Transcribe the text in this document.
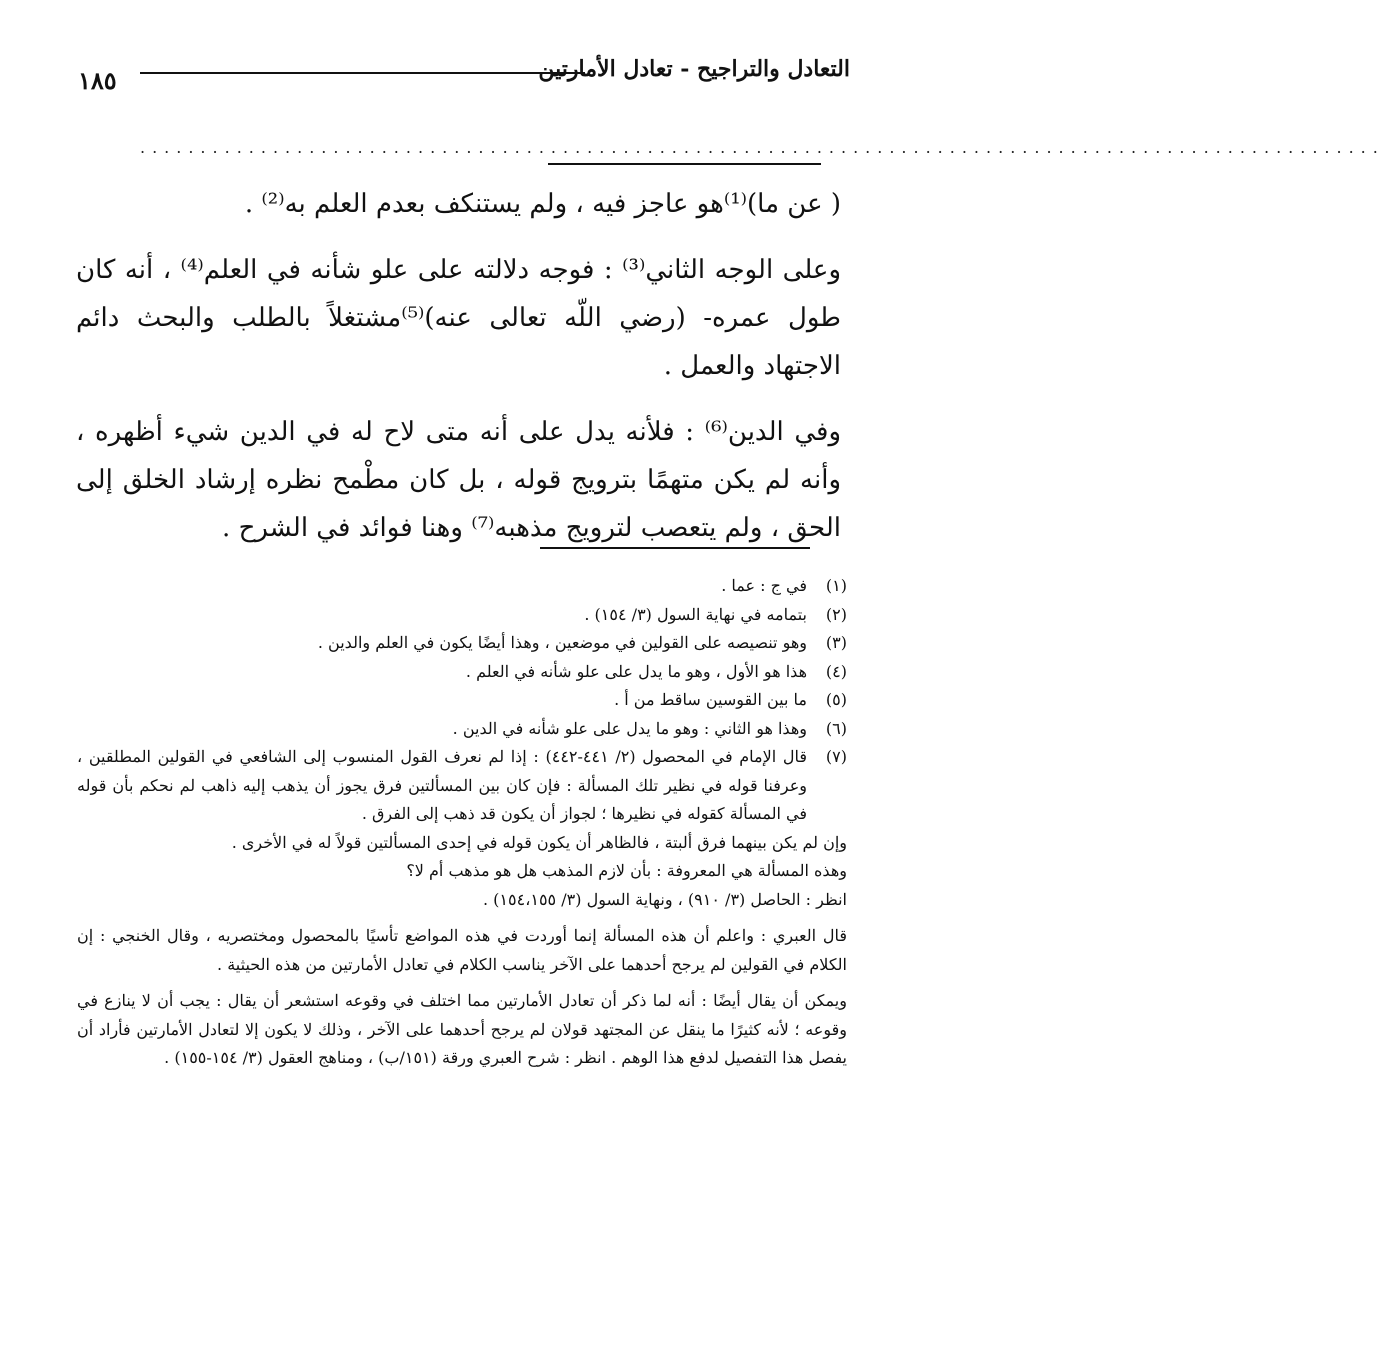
التعادل والتراجيح - تعادل الأمارتين
١٨٥
.......................................................................................................

( عن ما)⁽¹⁾هو عاجز فيه ، ولم يستنكف بعدم العلم به⁽²⁾ .

وعلى الوجه الثاني⁽³⁾ : فوجه دلالته على علو شأنه في العلم⁽⁴⁾ ، أنه كان طول عمره- (رضي اللّه تعالى عنه)⁽⁵⁾مشتغلاً بالطلب والبحث دائم الاجتهاد والعمل .

وفي الدين⁽⁶⁾ : فلأنه يدل على أنه متى لاح له في الدين شيء أظهره ، وأنه لم يكن متهمًا بترويج قوله ، بل كان مطْمح نظره إرشاد الخلق إلى الحق ، ولم يتعصب لترويج مذهبه⁽⁷⁾ وهنا فوائد في الشرح .

(١)
في ج : عما .
(٢)
بتمامه في نهاية السول (٣/ ١٥٤) .
(٣)
وهو تنصيصه على القولين في موضعين ، وهذا أيضًا يكون في العلم والدين .
(٤)
هذا هو الأول ، وهو ما يدل على علو شأنه في العلم .
(٥)
ما بين القوسين ساقط من أ .
(٦)
وهذا هو الثاني : وهو ما يدل على علو شأنه في الدين .
(٧)
قال الإمام في المحصول (٢/ ٤٤١-٤٤٢) : إذا لم نعرف القول المنسوب إلى الشافعي في القولين المطلقين ، وعرفنا قوله في نظير تلك المسألة : فإن كان بين المسألتين فرق يجوز أن يذهب إليه ذاهب لم نحكم بأن قوله في المسألة كقوله في نظيرها ؛ لجواز أن يكون قد ذهب إلى الفرق .

وإن لم يكن بينهما فرق ألبتة ، فالظاهر أن يكون قوله في إحدى المسألتين قولاً له في الأخرى .

وهذه المسألة هي المعروفة : بأن لازم المذهب هل هو مذهب أم لا؟

انظر : الحاصل (٣/ ٩١٠) ، ونهاية السول (٣/ ١٥٤،١٥٥) .

قال العبري : واعلم أن هذه المسألة إنما أوردت في هذه المواضع تأسيًا بالمحصول ومختصريه ، وقال الخنجي : إن الكلام في القولين لم يرجح أحدهما على الآخر يناسب الكلام في تعادل الأمارتين من هذه الحيثية .

ويمكن أن يقال أيضًا : أنه لما ذكر أن تعادل الأمارتين مما اختلف في وقوعه استشعر أن يقال : يجب أن لا ينازع في وقوعه ؛ لأنه كثيرًا ما ينقل عن المجتهد قولان لم يرجح أحدهما على الآخر ، وذلك لا يكون إلا لتعادل الأمارتين فأراد أن يفصل هذا التفصيل لدفع هذا الوهم . انظر : شرح العبري ورقة (١٥١/ب) ، ومناهج العقول (٣/ ١٥٤-١٥٥) .
